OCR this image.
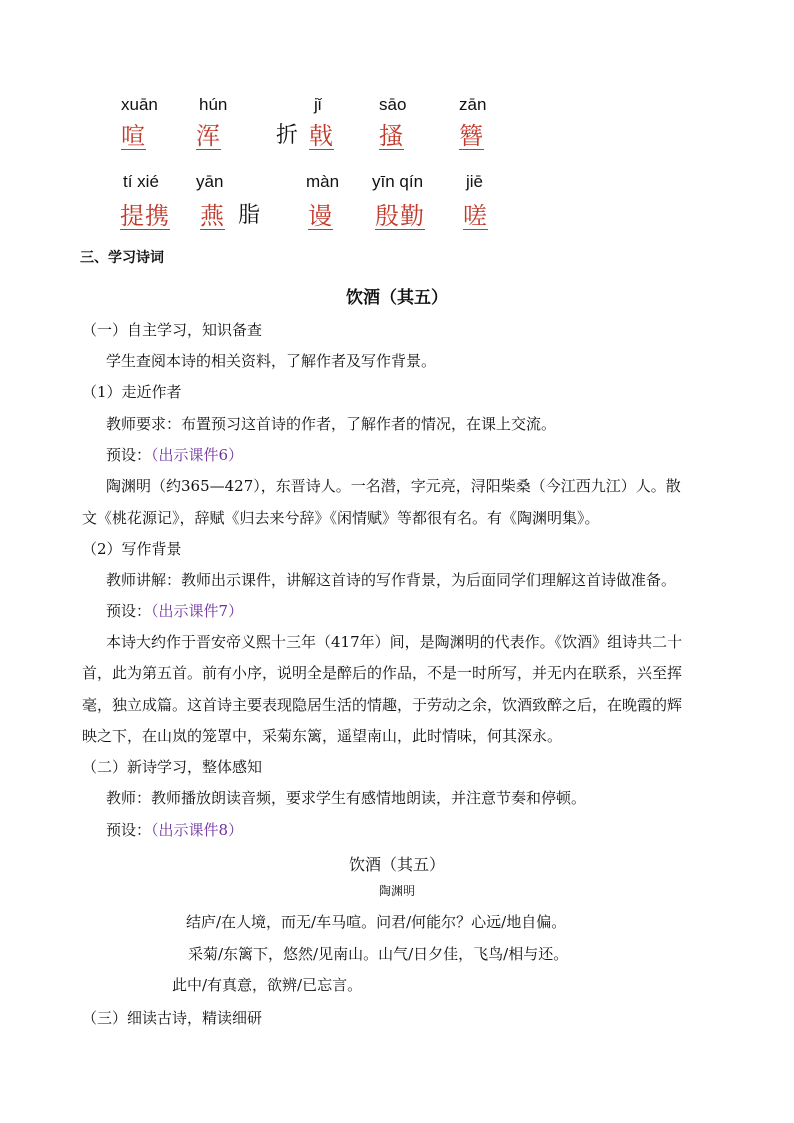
xuān
喧
hún
浑	折
jǐ
戟
sāo
搔
zān
簪
tí xié
提携
yān
燕 脂
màn
谩
yīn qín
殷勤
jiē
嗟
三、学习诗词
饮酒（其五）
（一）自主学习，知识备查
学生查阅本诗的相关资料，了解作者及写作背景。
（1）走近作者
教师要求：布置预习这首诗的作者，了解作者的情况，在课上交流。
预设：（出示课件6）
陶渊明（约365—427），东晋诗人。一名潜，字元亮，浔阳柴桑（今江西九江）人。散
文《桃花源记》，辞赋《归去来兮辞》《闲情赋》等都很有名。有《陶渊明集》。
（2）写作背景
教师讲解：教师出示课件，讲解这首诗的写作背景，为后面同学们理解这首诗做准备。
预设：（出示课件7）
本诗大约作于晋安帝义熙十三年（417年）间，是陶渊明的代表作。《饮酒》组诗共二十
首，此为第五首。前有小序，说明全是醉后的作品，不是一时所写，并无内在联系，兴至挥
毫，独立成篇。这首诗主要表现隐居生活的情趣，于劳动之余，饮酒致醉之后，在晚霞的辉
映之下，在山岚的笼罩中，采菊东篱，遥望南山，此时情味，何其深永。
（二）新诗学习，整体感知
教师：教师播放朗读音频，要求学生有感情地朗读，并注意节奏和停顿。
预设：（出示课件8）
饮酒（其五）
陶渊明
结庐/在人境，而无/车马喧。问君/何能尔？心远/地自偏。
采菊/东篱下，悠然/见南山。山气/日夕佳，飞鸟/相与还。
此中/有真意，欲辨/已忘言。
（三）细读古诗，精读细研
